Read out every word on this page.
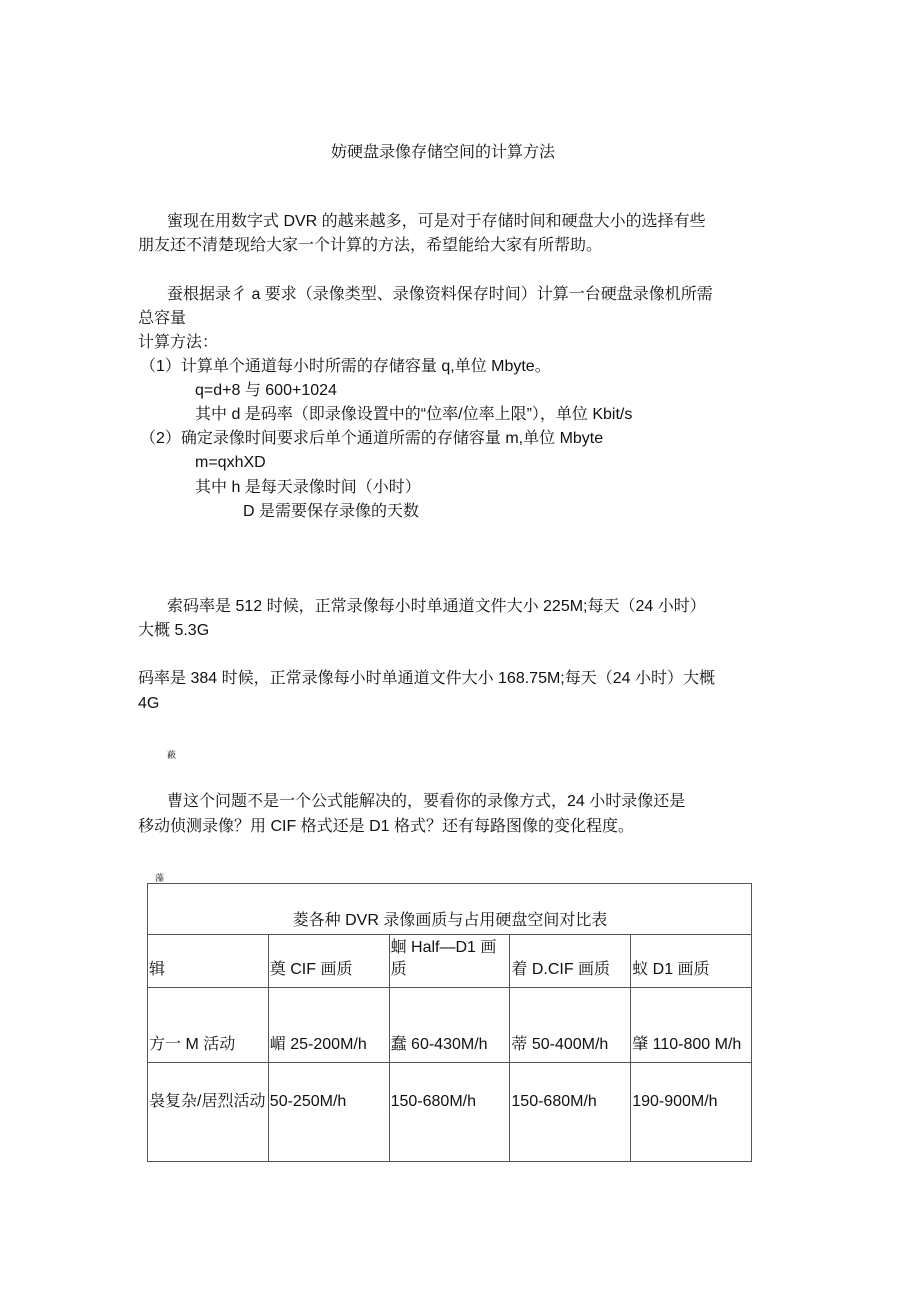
妨硬盘录像存储空间的计算方法
蜜现在用数字式 DVR 的越来越多，可是对于存储时间和硬盘大小的选择有些
朋友还不清楚现给大家一个计算的方法，希望能给大家有所帮助。
蚕根据录彳 a 要求（录像类型、录像资料保存时间）计算一台硬盘录像机所需
总容量
计算方法：
（1）计算单个通道每小时所需的存储容量 q,单位 Mbyte。
q=d+8 与 600+1024
其中 d 是码率（即录像设置中的“位率/位率上限”），单位 Kbit/s
（2）确定录像时间要求后单个通道所需的存储容量 m,单位 Mbyte
m=qxhXD
其中 h 是每天录像时间（小时）
D 是需要保存录像的天数
索码率是 512 时候，正常录像每小时单通道文件大小 225M;每天（24 小时）
大概 5.3G
码率是 384 时候，正常录像每小时单通道文件大小 168.75M;每天（24 小时）大概
4G
蔽
曹这个问题不是一个公式能解决的，要看你的录像方式，24 小时录像还是
移动侦测录像？用 CIF 格式还是 D1 格式？还有每路图像的变化程度。
藻
菱各种 DVR 录像画质与占用硬盘空间对比表				
辑	奠 CIF 画质	蛔 Half—D1 画质	着 D.CIF 画质	蚁 D1 画质
方一 M 活动	嵋 25-200M/h	蠢 60-430M/h	蒂 50-400M/h	肇 110-800 M/h
袅复杂/居烈活动	50-250M/h	150-680M/h	150-680M/h	190-900M/h
